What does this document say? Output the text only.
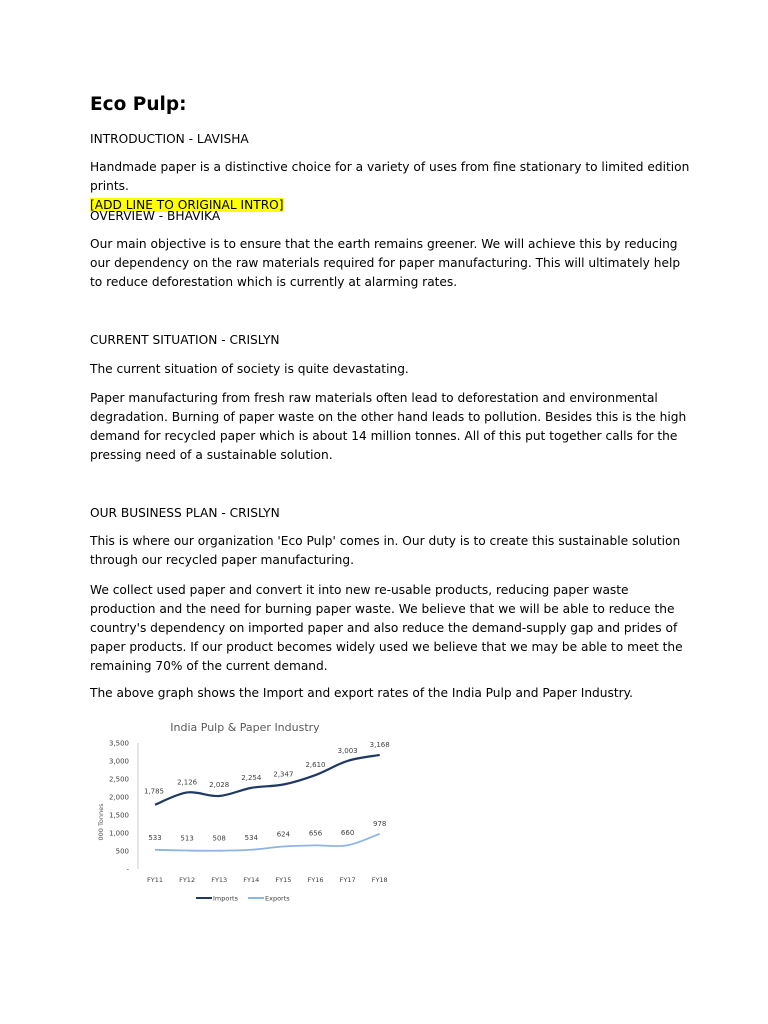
Eco Pulp:

INTRODUCTION - LAVISHA

Handmade paper is a distinctive choice for a variety of uses from fine stationary to limited edition prints.
[ADD LINE TO ORIGINAL INTRO]

OVERVIEW - BHAVIKA

Our main objective is to ensure that the earth remains greener. We will achieve this by reducing our dependency on the raw materials required for paper manufacturing. This will ultimately help to reduce deforestation which is currently at alarming rates.

CURRENT SITUATION - CRISLYN

The current situation of society is quite devastating.

Paper manufacturing from fresh raw materials often lead to deforestation and environmental degradation. Burning of paper waste on the other hand leads to pollution. Besides this is the high demand for recycled paper which is about 14 million tonnes. All of this put together calls for the pressing need of a sustainable solution.

OUR BUSINESS PLAN - CRISLYN

This is where our organization 'Eco Pulp' comes in. Our duty is to create this sustainable solution through our recycled paper manufacturing.

We collect used paper and convert it into new re-usable products, reducing paper waste production and the need for burning paper waste. We believe that we will be able to reduce the country's dependency on imported paper and also reduce the demand-supply gap and prides of paper products. If our product becomes widely used we believe that we may be able to meet the remaining 70% of the current demand.

The above graph shows the Import and export rates of the India Pulp and Paper Industry.

India Pulp & Paper Industry
000 Tonnes
-
500
1,000
1,500
2,000
2,500
3,000
3,500
FY11 FY12 FY13 FY14 FY15 FY16 FY17 FY18
1,785
2,126 2,028
2,254 2,347
2,610
3,003
3,168
533	513	508	534	624	656	660
978
Imports	Exports
